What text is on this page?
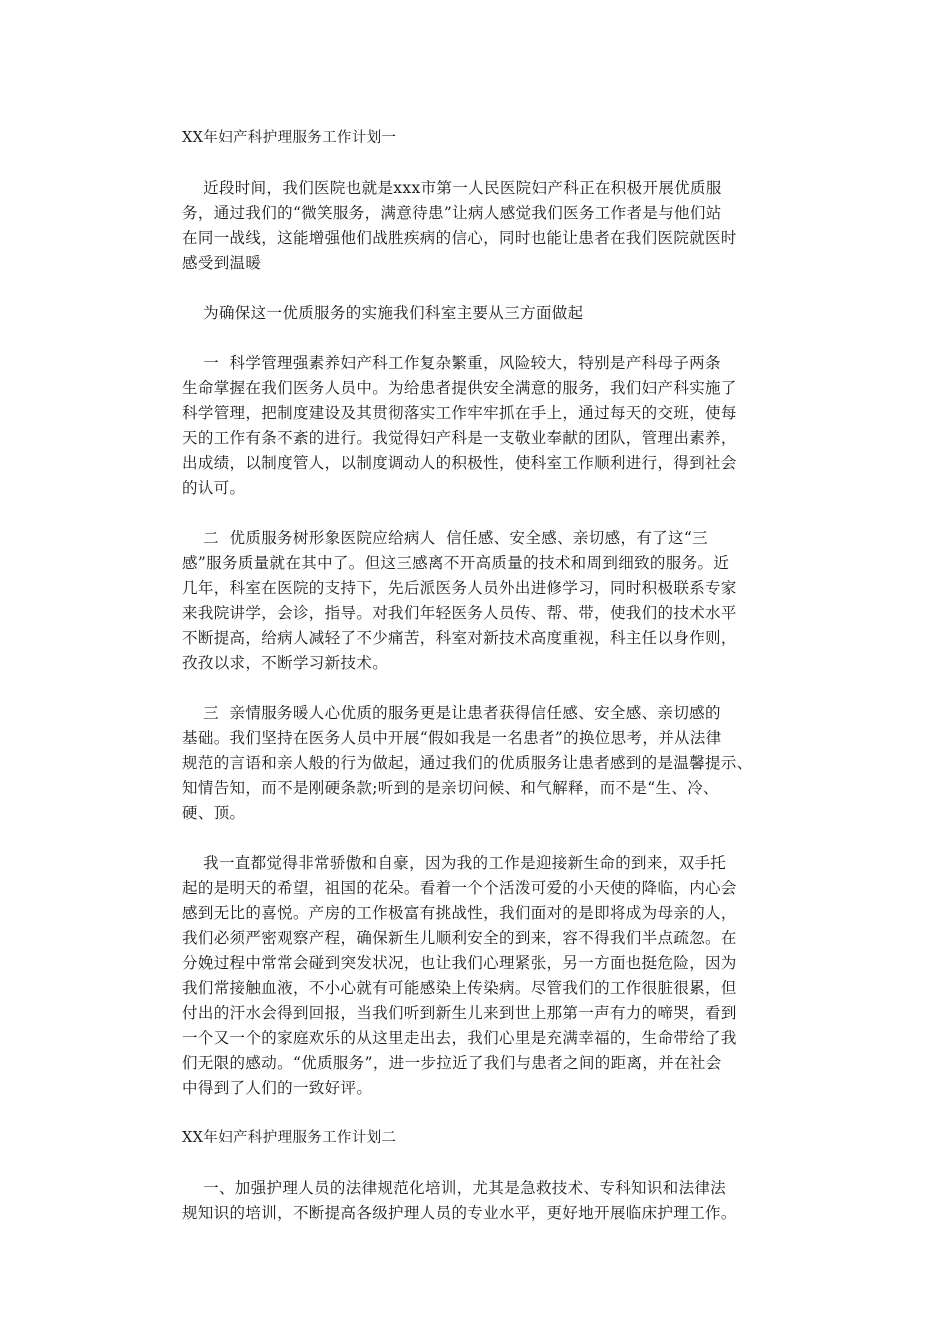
XX年妇产科护理服务工作计划一
近段时间，我们医院也就是xxx市第一人民医院妇产科正在积极开展优质服
务，通过我们的“微笑服务，满意待患”让病人感觉我们医务工作者是与他们站
在同一战线，这能增强他们战胜疾病的信心，同时也能让患者在我们医院就医时
感受到温暖
为确保这一优质服务的实施我们科室主要从三方面做起
一  科学管理强素养妇产科工作复杂繁重，风险较大，特别是产科母子两条
生命掌握在我们医务人员中。为给患者提供安全满意的服务，我们妇产科实施了
科学管理，把制度建设及其贯彻落实工作牢牢抓在手上，通过每天的交班，使每
天的工作有条不紊的进行。我觉得妇产科是一支敬业奉献的团队，管理出素养，
出成绩，以制度管人，以制度调动人的积极性，使科室工作顺利进行，得到社会
的认可。
二  优质服务树形象医院应给病人  信任感、安全感、亲切感，有了这“三
感”服务质量就在其中了。但这三感离不开高质量的技术和周到细致的服务。近
几年，科室在医院的支持下，先后派医务人员外出进修学习，同时积极联系专家
来我院讲学，会诊，指导。对我们年轻医务人员传、帮、带，使我们的技术水平
不断提高，给病人减轻了不少痛苦，科室对新技术高度重视，科主任以身作则，
孜孜以求，不断学习新技术。
三  亲情服务暖人心优质的服务更是让患者获得信任感、安全感、亲切感的
基础。我们坚持在医务人员中开展“假如我是一名患者”的换位思考，并从法律
规范的言语和亲人般的行为做起，通过我们的优质服务让患者感到的是温馨提示、
知情告知，而不是刚硬条款;听到的是亲切问候、和气解释，而不是“生、冷、
硬、顶。
我一直都觉得非常骄傲和自豪，因为我的工作是迎接新生命的到来，双手托
起的是明天的希望，祖国的花朵。看着一个个活泼可爱的小天使的降临，内心会
感到无比的喜悦。产房的工作极富有挑战性，我们面对的是即将成为母亲的人，
我们必须严密观察产程，确保新生儿顺利安全的到来，容不得我们半点疏忽。在
分娩过程中常常会碰到突发状况，也让我们心理紧张，另一方面也挺危险，因为
我们常接触血液，不小心就有可能感染上传染病。尽管我们的工作很脏很累，但
付出的汗水会得到回报，当我们听到新生儿来到世上那第一声有力的啼哭，看到
一个又一个的家庭欢乐的从这里走出去，我们心里是充满幸福的，生命带给了我
们无限的感动。“优质服务”，进一步拉近了我们与患者之间的距离，并在社会
中得到了人们的一致好评。
XX年妇产科护理服务工作计划二
一、加强护理人员的法律规范化培训，尤其是急救技术、专科知识和法律法
规知识的培训，不断提高各级护理人员的专业水平，更好地开展临床护理工作。
